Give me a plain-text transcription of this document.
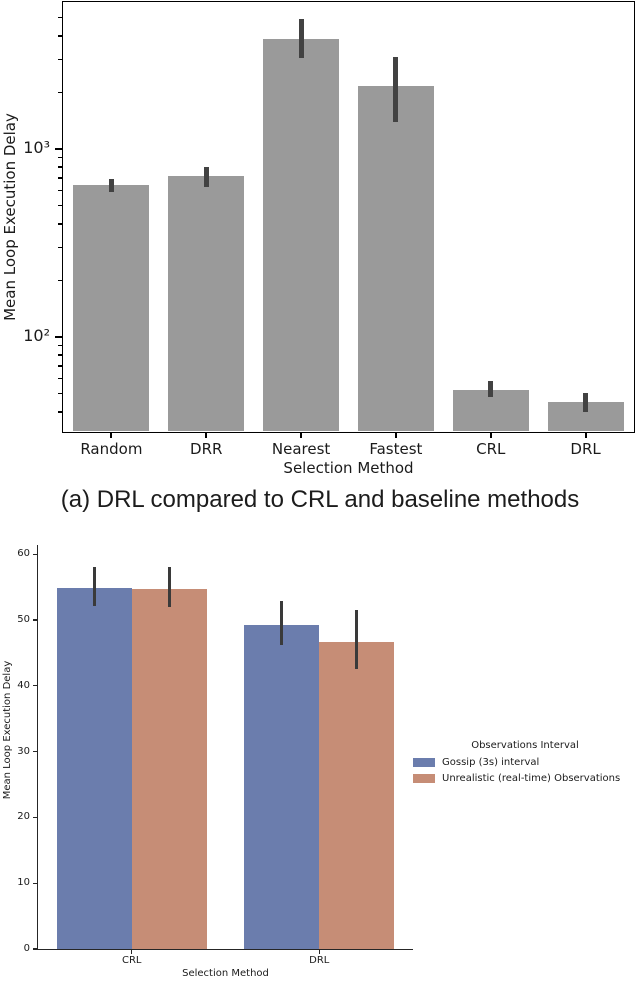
10²
10³
Random	DRR	Nearest	Fastest	CRL	DRL
Selection Method
Mean Loop Execution Delay
(a) DRL compared to CRL and baseline methods
0
10
20
30
40
50
60
CRL	DRL
Selection Method
Mean Loop Execution Delay	Observations Interval
Gossip (3s) interval
Unrealistic (real-time) Observations
